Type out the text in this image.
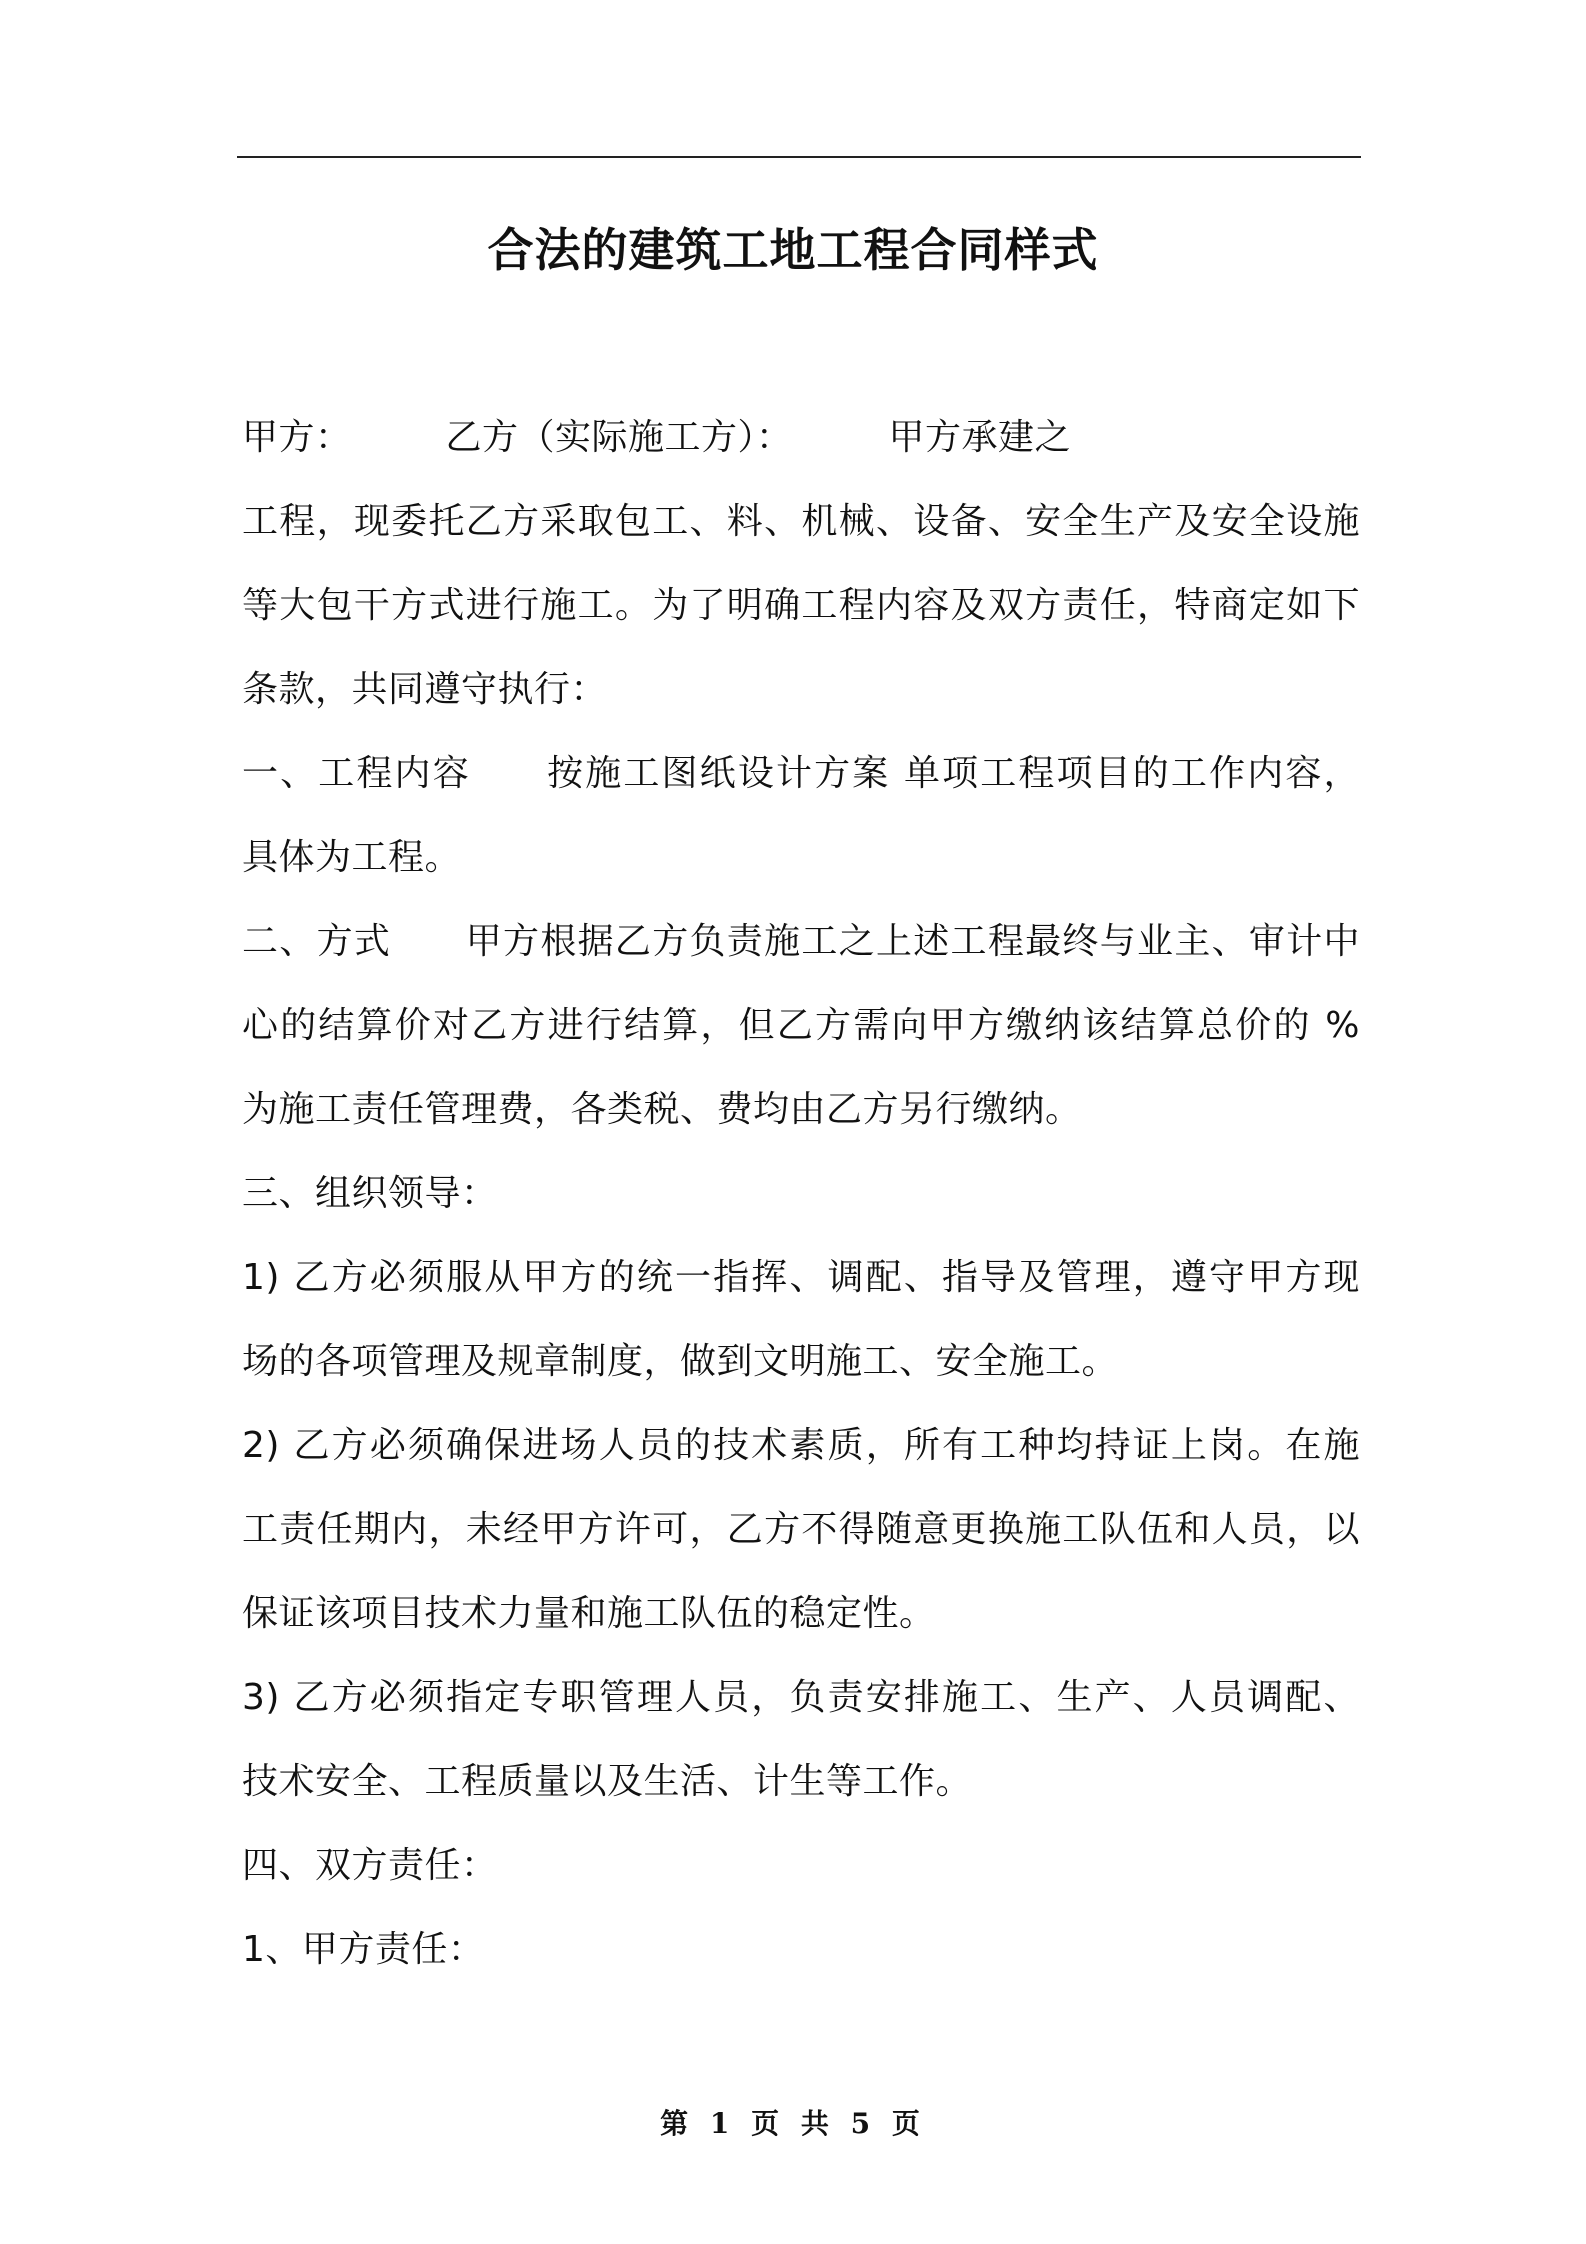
合法的建筑工地工程合同样式
甲方：	乙方（实际施工方）：	甲方承建之
工程，现委托乙方采取包工、料、机械、设备、安全生产及安全设施
等大包干方式进行施工。为了明确工程内容及双方责任，特商定如下
条款，共同遵守执行：
一、工程内容　　按施工图纸设计方案 单项工程项目的工作内容，
具体为工程。
二、方式　　甲方根据乙方负责施工之上述工程最终与业主、审计中
心的结算价对乙方进行结算，但乙方需向甲方缴纳该结算总价的 %
为施工责任管理费，各类税、费均由乙方另行缴纳。
三、组织领导：
1) 乙方必须服从甲方的统一指挥、调配、指导及管理，遵守甲方现
场的各项管理及规章制度，做到文明施工、安全施工。
2) 乙方必须确保进场人员的技术素质，所有工种均持证上岗。在施
工责任期内，未经甲方许可，乙方不得随意更换施工队伍和人员，以
保证该项目技术力量和施工队伍的稳定性。
3) 乙方必须指定专职管理人员，负责安排施工、生产、人员调配、
技术安全、工程质量以及生活、计生等工作。
四、双方责任：
1、甲方责任：
第 1 页 共 5 页
